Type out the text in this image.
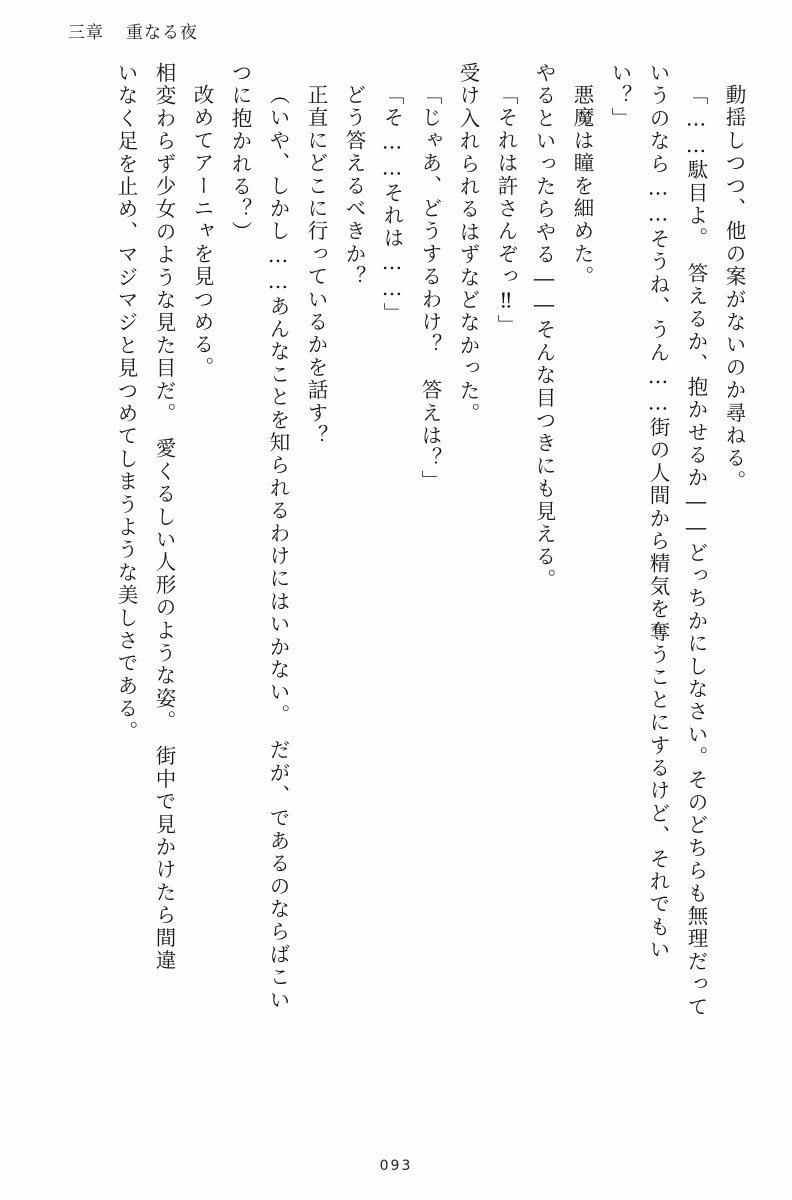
三章 重なる夜
動揺しつつ、他の案がないのか尋ねる。
「……駄目よ。　答えるか、抱かせるか――どっちかにしなさい。そのどちらも無理だって
いうのなら……そうね、うん……街の人間から精気を奪うことにするけど、それでもい
い？」
悪魔は瞳を細めた。
やるといったらやる――そんな目つきにも見える。
「それは許さんぞっ‼」
受け入れられるはずなどなかった。
「じゃあ、どうするわけ？　答えは？」
「そ……それは……」
どう答えるべきか？
正直にどこに行っているかを話す？
（いや、しかし……あんなことを知られるわけにはいかない。　だが、であるのならばこい
つに抱かれる？）
改めてアーニャを見つめる。
相変わらず少女のような見た目だ。　愛くるしい人形のような姿。　街中で見かけたら間違
いなく足を止め、マジマジと見つめてしまうような美しさである。
093
